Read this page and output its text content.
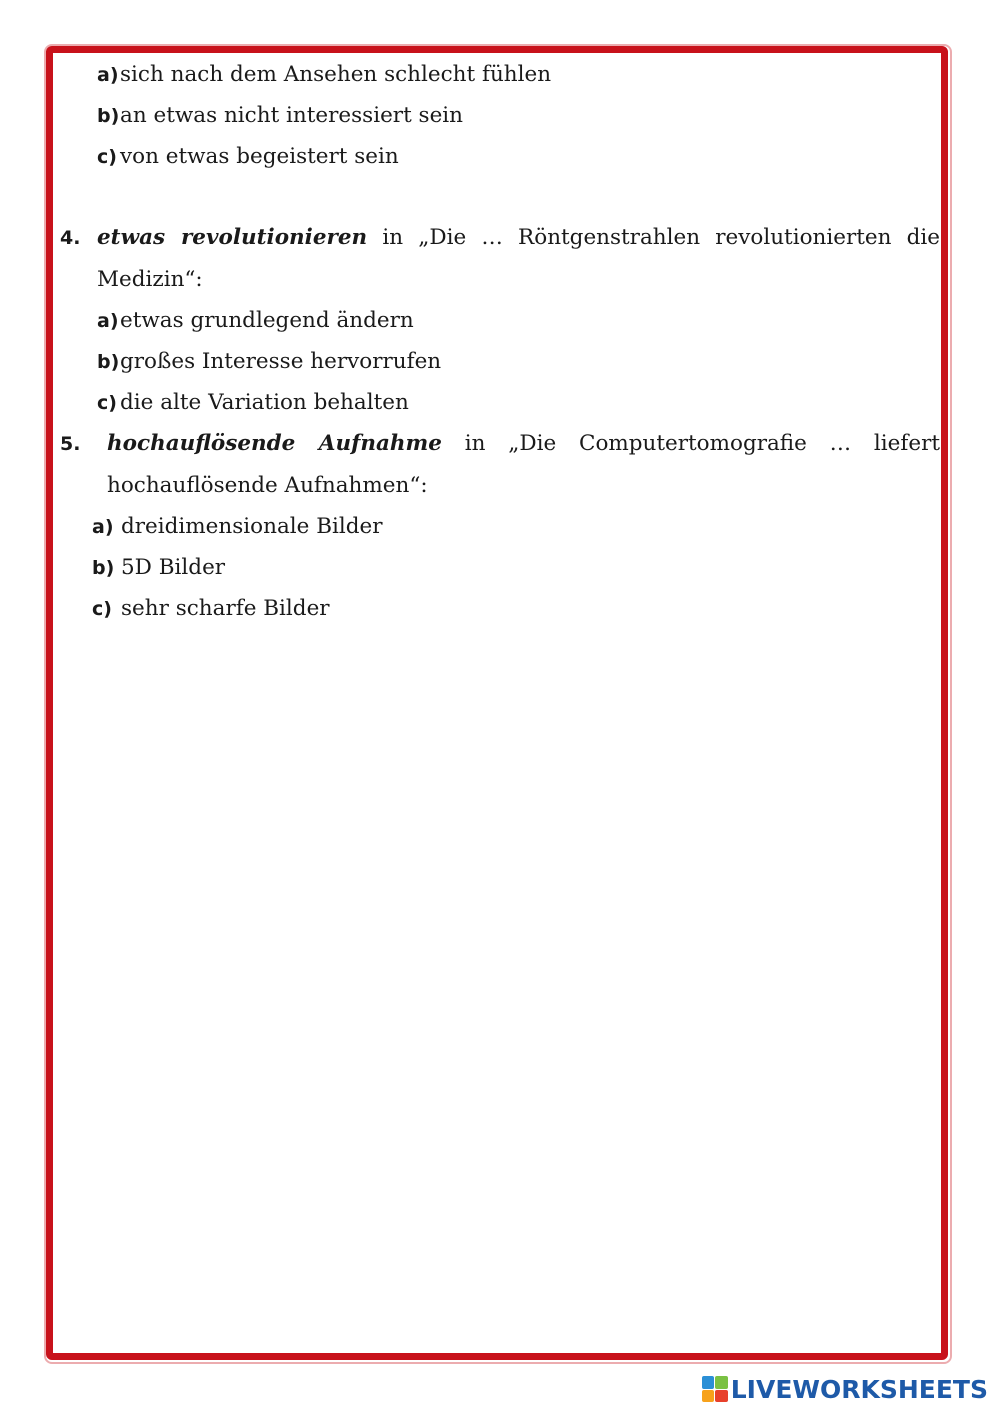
a) sich nach dem Ansehen schlecht fühlen
b) an etwas nicht interessiert sein
c) von etwas begeistert sein
4. etwas revolutionieren in „Die … Röntgenstrahlen revolutionierten die
Medizin“:
a) etwas grundlegend ändern
b) großes Interesse hervorrufen
c) die alte Variation behalten
5.	hochauflösende Aufnahme in „Die Computertomografie … liefert
hochauflösende Aufnahmen“:
a) dreidimensionale Bilder
b) 5D Bilder
c) sehr scharfe Bilder
LIVEWORKSHEETS
